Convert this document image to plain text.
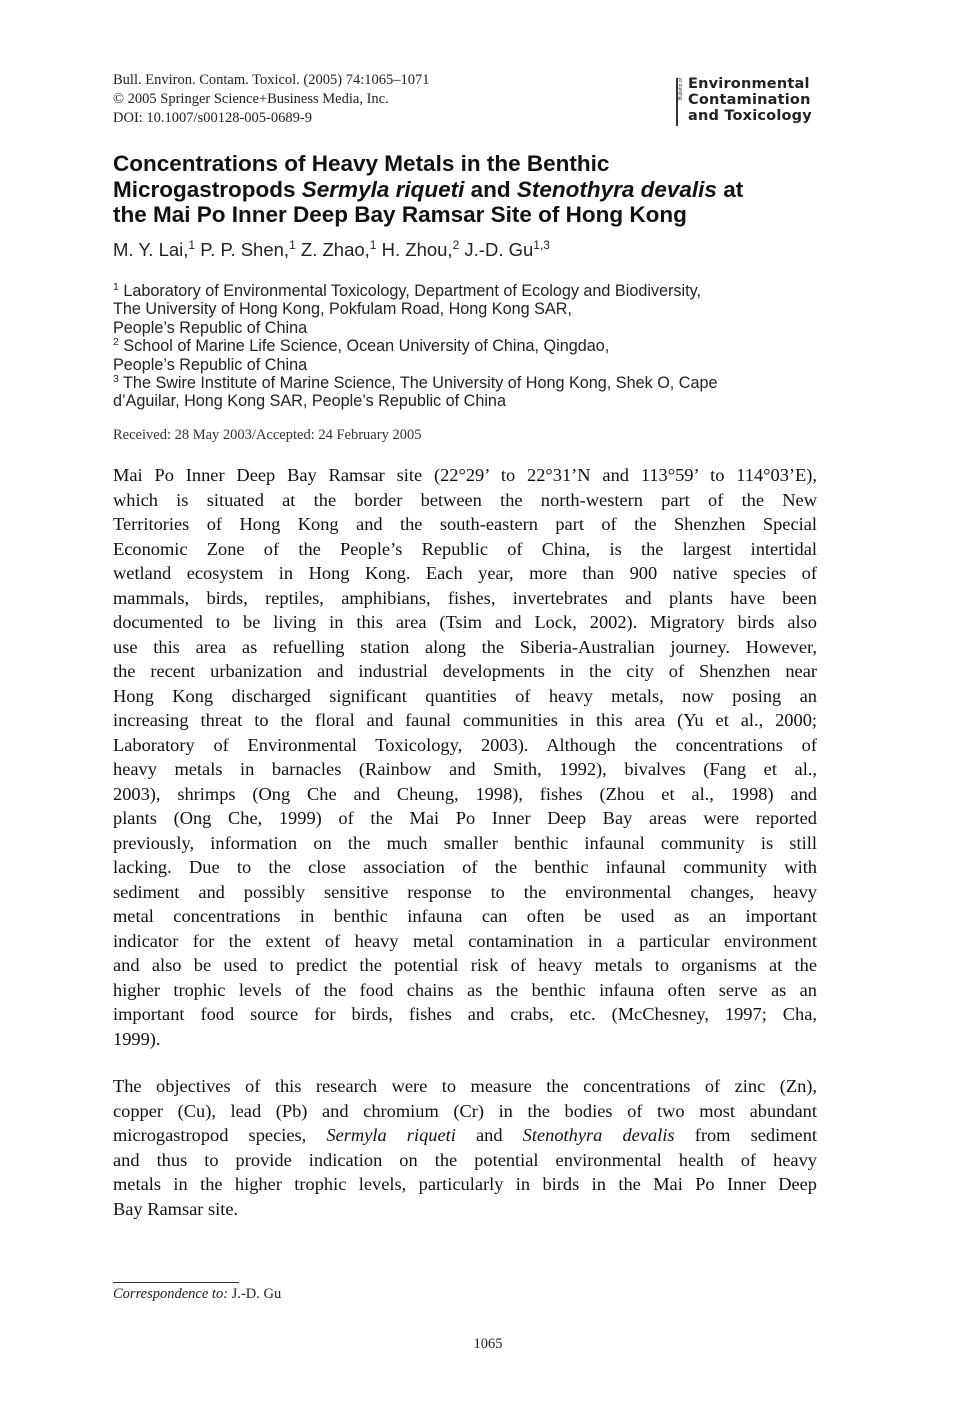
Bull. Environ. Contam. Toxicol. (2005) 74:1065–1071
© 2005 Springer Science+Business Media, Inc.
DOI: 10.1007/s00128-005-0689-9
Bulletin of Environmental
Contamination
and Toxicology
Concentrations of Heavy Metals in the Benthic
Microgastropods Sermyla riqueti and Stenothyra devalis at
the Mai Po Inner Deep Bay Ramsar Site of Hong Kong
M. Y. Lai,$^1$ P. P. Shen,$^1$ Z. Zhao,$^1$ H. Zhou,$^2$ J.-D. Gu$^{1,3}$
$^1$ Laboratory of Environmental Toxicology, Department of Ecology and Biodiversity,
The University of Hong Kong, Pokfulam Road, Hong Kong SAR,
People’s Republic of China
$^2$ School of Marine Life Science, Ocean University of China, Qingdao,
People’s Republic of China
$^3$ The Swire Institute of Marine Science, The University of Hong Kong, Shek O, Cape
d’Aguilar, Hong Kong SAR, People’s Republic of China
Received: 28 May 2003/Accepted: 24 February 2005
Mai Po Inner Deep Bay Ramsar site (22°29’ to 22°31’N and 113°59’ to 114°03’E),
which is situated at the border between the north-western part of the New
Territories of Hong Kong and the south-eastern part of the Shenzhen Special
Economic Zone of the People’s Republic of China, is the largest intertidal
wetland ecosystem in Hong Kong. Each year, more than 900 native species of
mammals, birds, reptiles, amphibians, fishes, invertebrates and plants have been
documented to be living in this area (Tsim and Lock, 2002). Migratory birds also
use this area as refuelling station along the Siberia-Australian journey. However,
the recent urbanization and industrial developments in the city of Shenzhen near
Hong Kong discharged significant quantities of heavy metals, now posing an
increasing threat to the floral and faunal communities in this area (Yu et al., 2000;
Laboratory of Environmental Toxicology, 2003). Although the concentrations of
heavy metals in barnacles (Rainbow and Smith, 1992), bivalves (Fang et al.,
2003), shrimps (Ong Che and Cheung, 1998), fishes (Zhou et al., 1998) and
plants (Ong Che, 1999) of the Mai Po Inner Deep Bay areas were reported
previously, information on the much smaller benthic infaunal community is still
lacking. Due to the close association of the benthic infaunal community with
sediment and possibly sensitive response to the environmental changes, heavy
metal concentrations in benthic infauna can often be used as an important
indicator for the extent of heavy metal contamination in a particular environment
and also be used to predict the potential risk of heavy metals to organisms at the
higher trophic levels of the food chains as the benthic infauna often serve as an
important food source for birds, fishes and crabs, etc. (McChesney, 1997; Cha,
1999).
The objectives of this research were to measure the concentrations of zinc (Zn),
copper (Cu), lead (Pb) and chromium (Cr) in the bodies of two most abundant
microgastropod species, Sermyla riqueti and Stenothyra devalis from sediment
and thus to provide indication on the potential environmental health of heavy
metals in the higher trophic levels, particularly in birds in the Mai Po Inner Deep
Bay Ramsar site.
Correspondence to: J.-D. Gu
1065
